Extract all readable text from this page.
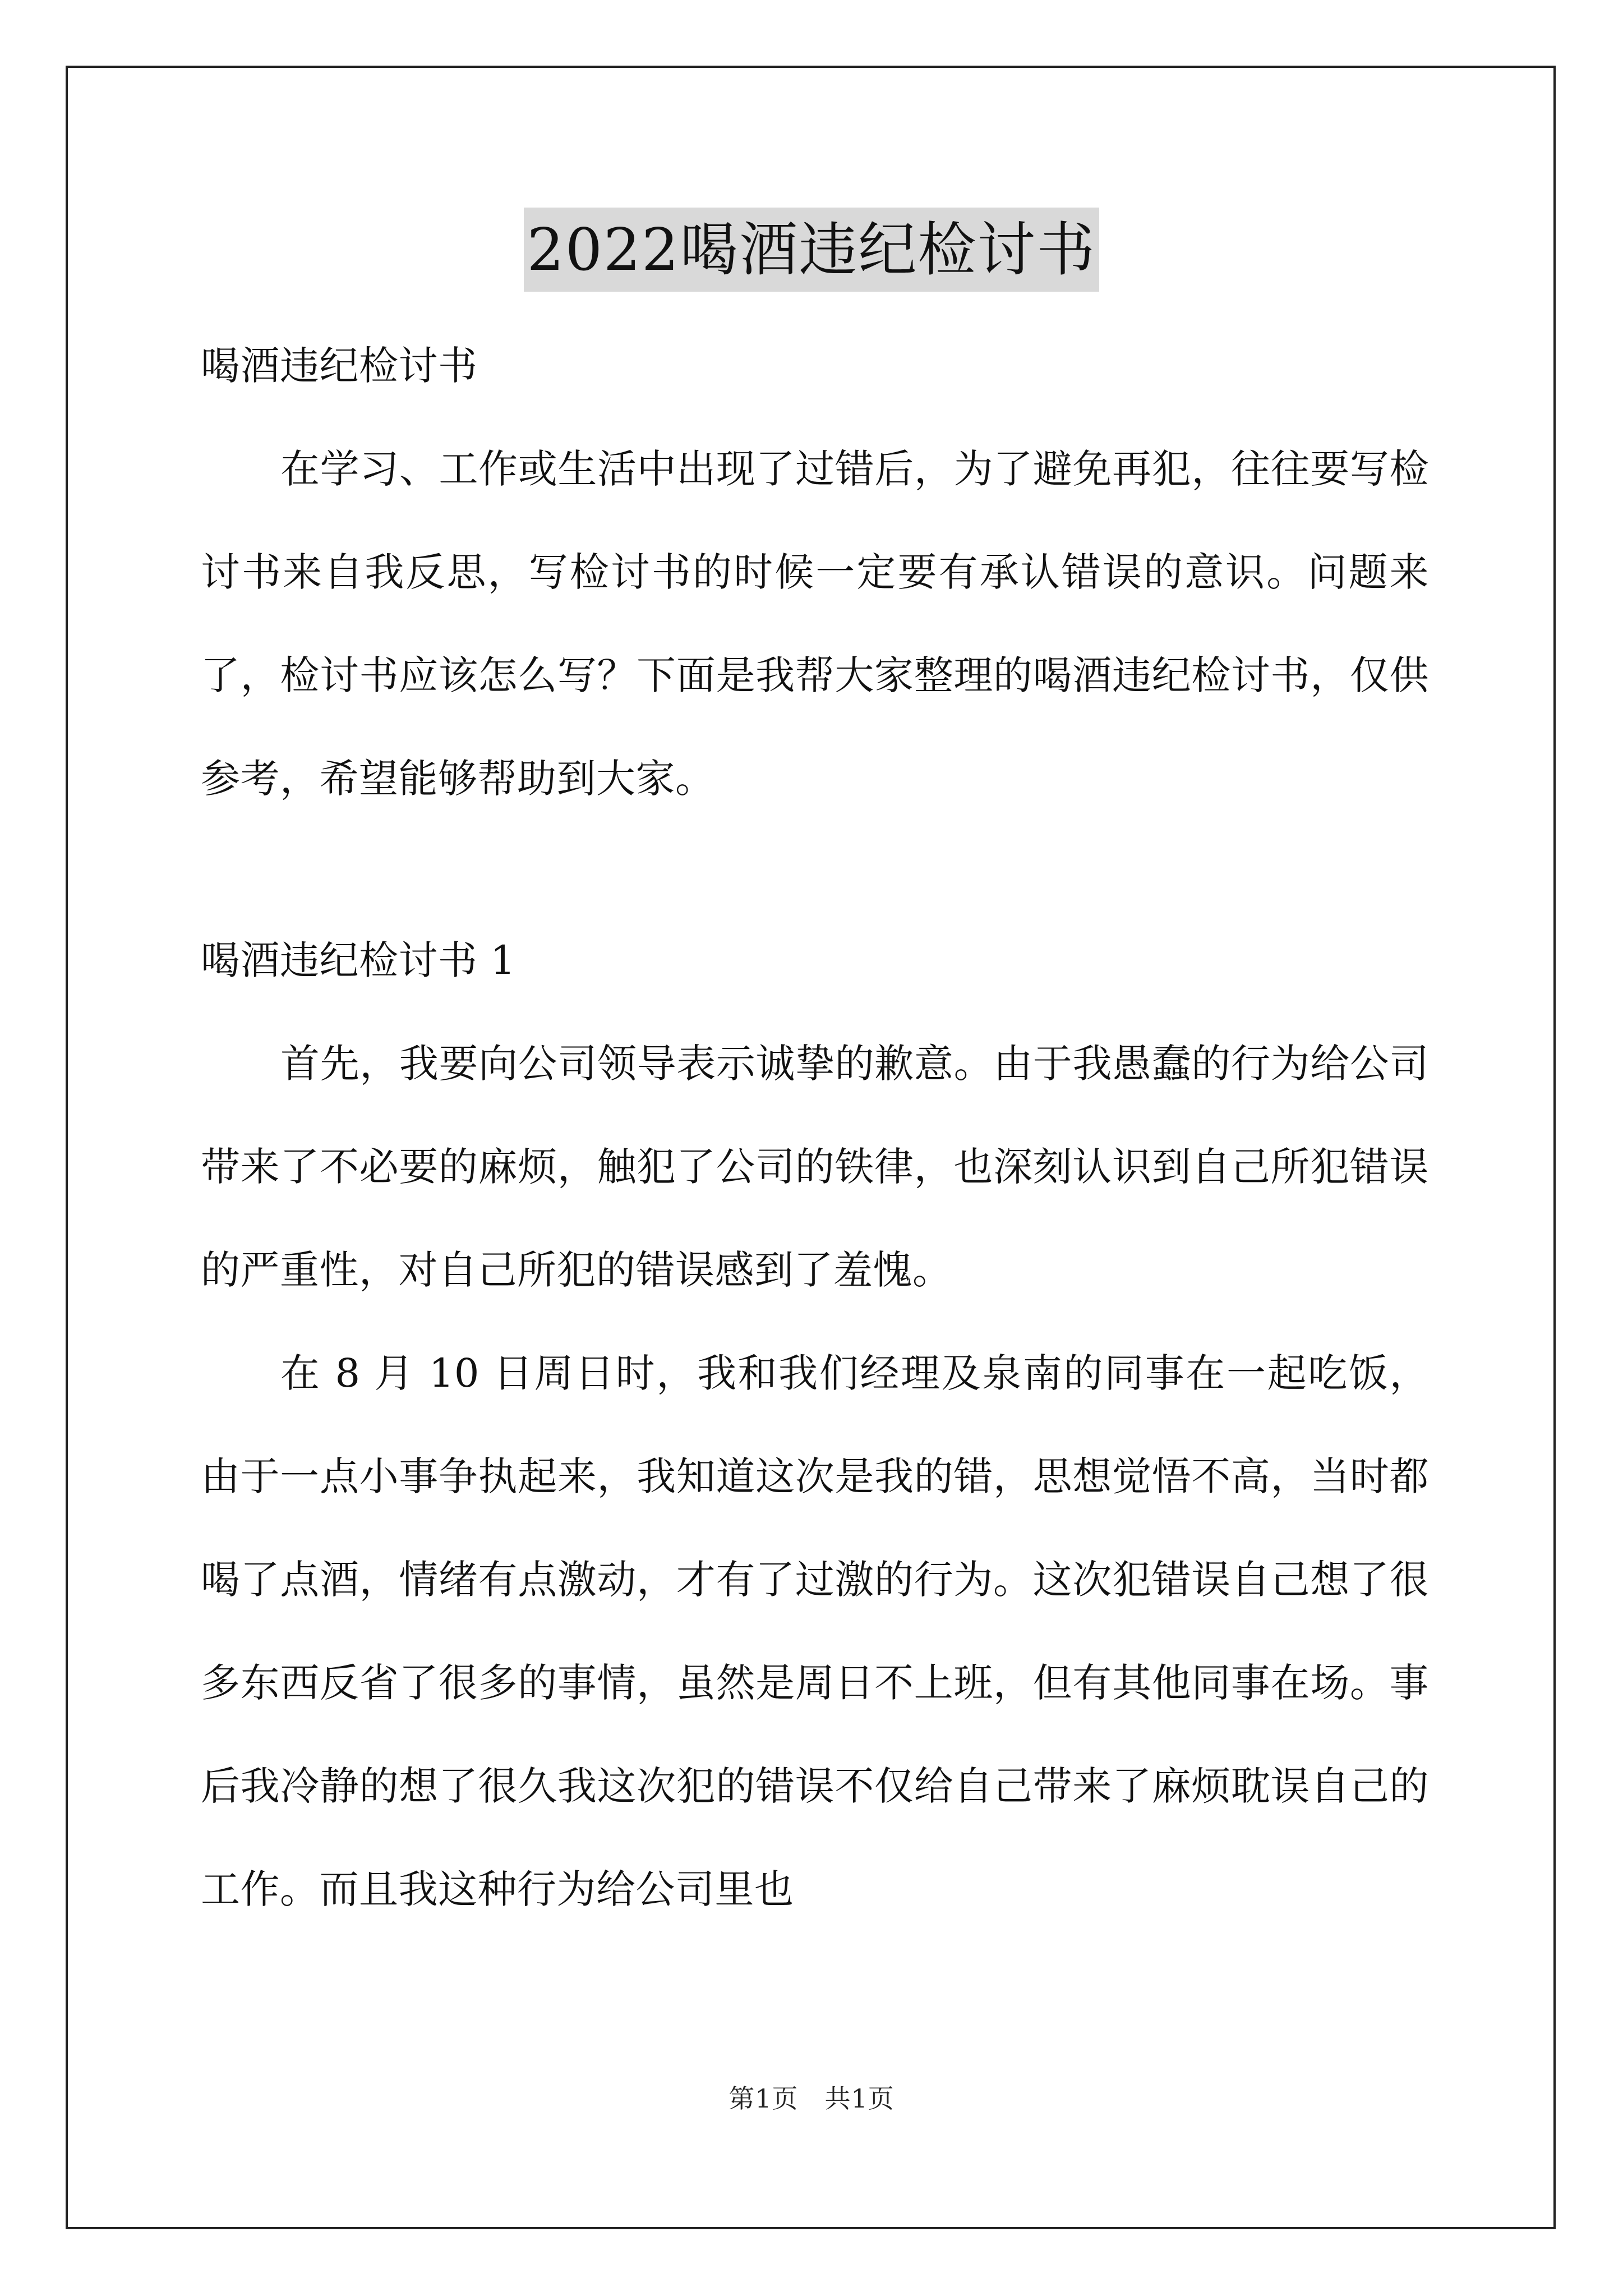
2022喝酒违纪检讨书

喝酒违纪检讨书

在学习、工作或生活中出现了过错后，为了避免再犯，往往要写检讨书来自我反思，写检讨书的时候一定要有承认错误的意识。问题来了，检讨书应该怎么写？下面是我帮大家整理的喝酒违纪检讨书，仅供参考，希望能够帮助到大家。

喝酒违纪检讨书 1

首先，我要向公司领导表示诚挚的歉意。由于我愚蠢的行为给公司带来了不必要的麻烦，触犯了公司的铁律，也深刻认识到自己所犯错误的严重性，对自己所犯的错误感到了羞愧。

在 8 月 10 日周日时，我和我们经理及泉南的同事在一起吃饭，由于一点小事争执起来，我知道这次是我的错，思想觉悟不高，当时都喝了点酒，情绪有点激动，才有了过激的行为。这次犯错误自己想了很多东西反省了很多的事情，虽然是周日不上班，但有其他同事在场。事后我冷静的想了很久我这次犯的错误不仅给自己带来了麻烦耽误自己的工作。而且我这种行为给公司里也

第1页 共1页
